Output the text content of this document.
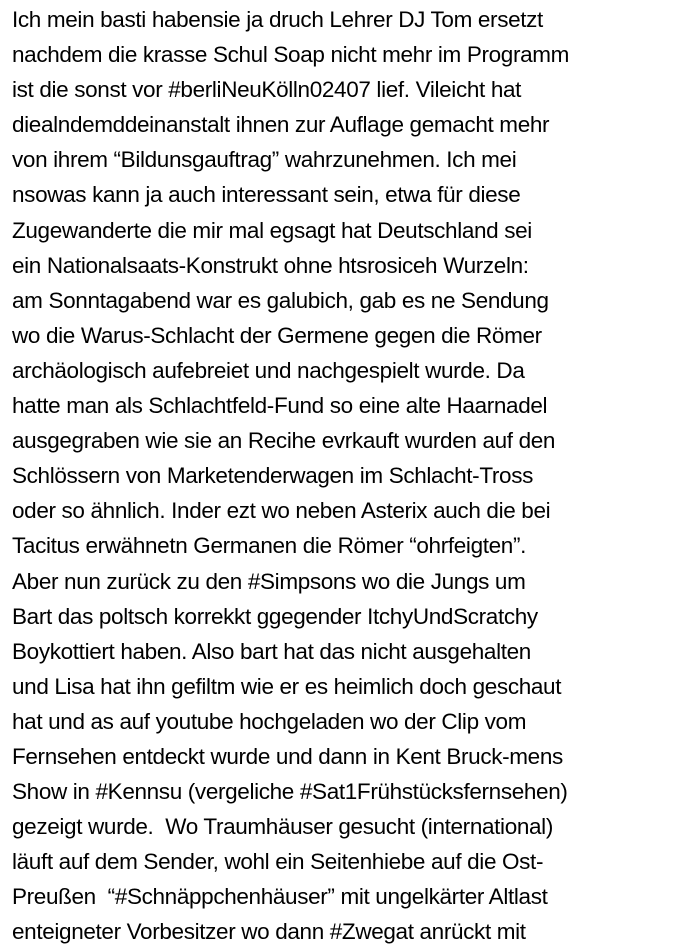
Ich mein basti habensie ja druch Lehrer DJ Tom ersetzt
nachdem die krasse Schul Soap nicht mehr im Programm
ist die sonst vor #berliNeuKölln02407 lief. Vileicht hat
diealndemddeinanstalt ihnen zur Auflage gemacht mehr
von ihrem “Bildunsgauftrag” wahrzunehmen. Ich mei
nsowas kann ja auch interessant sein, etwa für diese
Zugewanderte die mir mal egsagt hat Deutschland sei
ein Nationalsaats-Konstrukt ohne htsrosiceh Wurzeln:
am Sonntagabend war es galubich, gab es ne Sendung
wo die Warus-Schlacht der Germene gegen die Römer
archäologisch aufebreiet und nachgespielt wurde. Da
hatte man als Schlachtfeld-Fund so eine alte Haarnadel
ausgegraben wie sie an Recihe evrkauft wurden auf den
Schlössern von Marketenderwagen im Schlacht-Tross
oder so ähnlich. Inder ezt wo neben Asterix auch die bei
Tacitus erwähnetn Germanen die Römer “ohrfeigten”.
Aber nun zurück zu den #Simpsons wo die Jungs um
Bart das poltsch korrekkt ggegender ItchyUndScratchy
Boykottiert haben. Also bart hat das nicht ausgehalten
und Lisa hat ihn gefiltm wie er es heimlich doch geschaut
hat und as auf youtube hochgeladen wo der Clip vom
Fernsehen entdeckt wurde und dann in Kent Bruck-mens
Show in #Kennsu (vergeliche #Sat1Frühstücksfernsehen)
gezeigt wurde.  Wo Traumhäuser gesucht (international)
läuft auf dem Sender, wohl ein Seitenhiebe auf die Ost-
Preußen  “#Schnäppchenhäuser” mit ungelkärter Altlast
enteigneter Vorbesitzer wo dann #Zwegat anrückt mit
